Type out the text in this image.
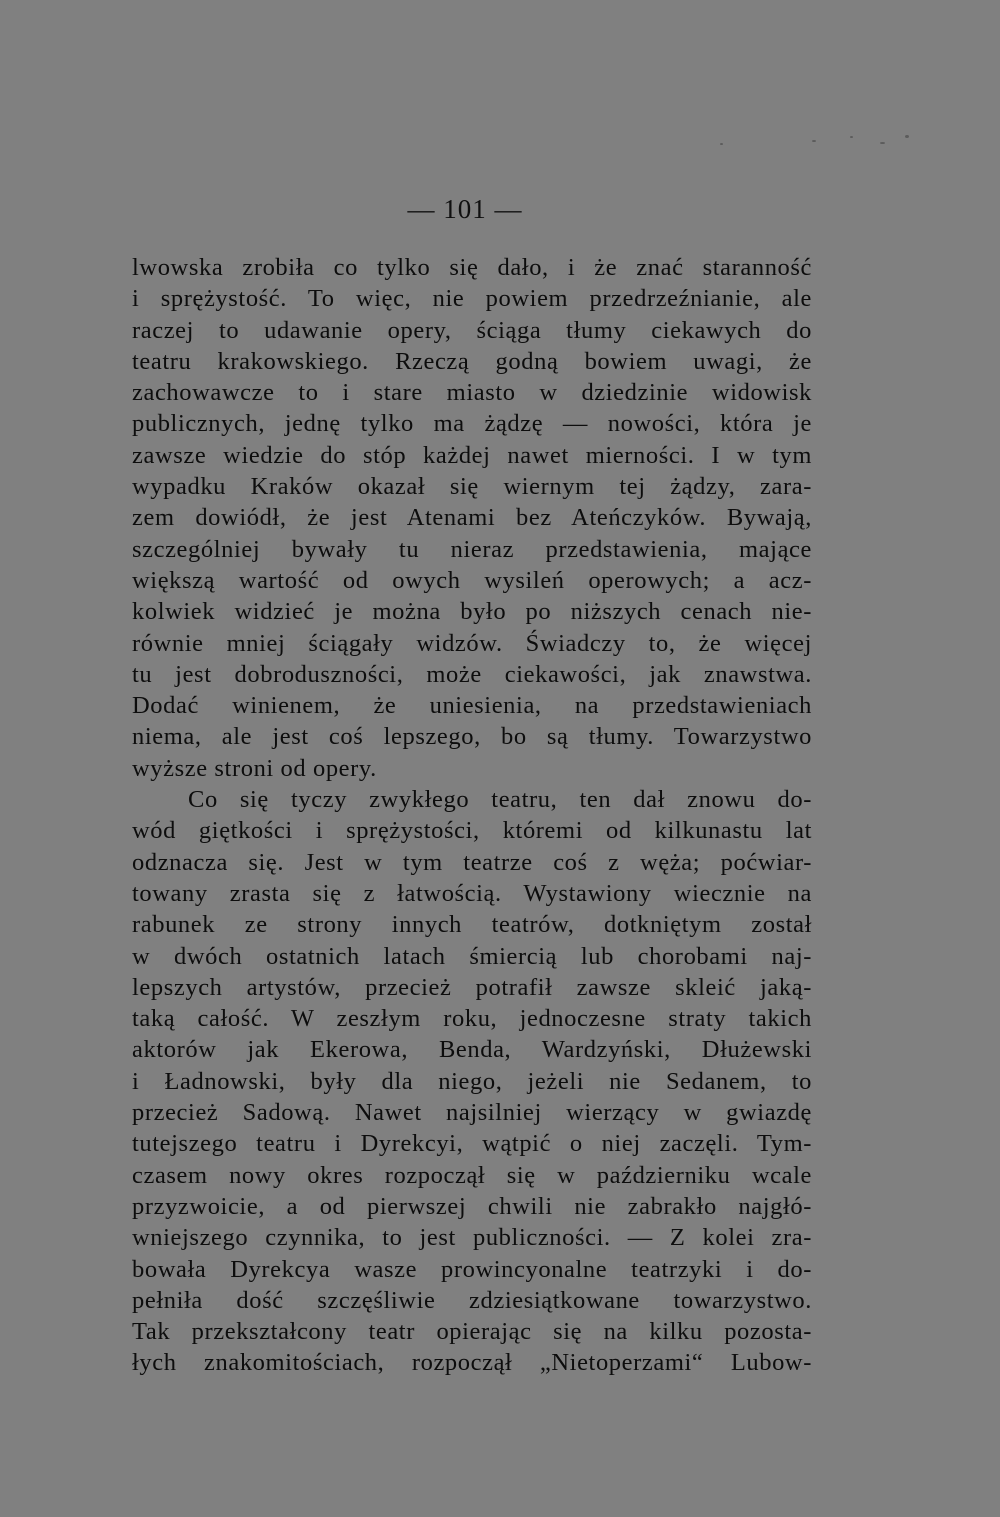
— 101 —
lwowska zrobiła co tylko się dało, i że znać staranność
i sprężystość. To więc, nie powiem przedrzeźnianie, ale
raczej to udawanie opery, ściąga tłumy ciekawych do
teatru krakowskiego. Rzeczą godną bowiem uwagi, że
zachowawcze to i stare miasto w dziedzinie widowisk
publicznych, jednę tylko ma żądzę — nowości, która je
zawsze wiedzie do stóp każdej nawet mierności. I w tym
wypadku Kraków okazał się wiernym tej żądzy, zara-
zem dowiódł, że jest Atenami bez Ateńczyków. Bywają,
szczególniej bywały tu nieraz przedstawienia, mające
większą wartość od owych wysileń operowych; a acz-
kolwiek widzieć je można było po niższych cenach nie-
równie mniej ściągały widzów. Świadczy to, że więcej
tu jest dobroduszności, może ciekawości, jak znawstwa.
Dodać winienem, że uniesienia, na przedstawieniach
niema, ale jest coś lepszego, bo są tłumy. Towarzystwo
wyższe stroni od opery.
Co się tyczy zwykłego teatru, ten dał znowu do-
wód giętkości i sprężystości, któremi od kilkunastu lat
odznacza się. Jest w tym teatrze coś z węża; poćwiar-
towany zrasta się z łatwością. Wystawiony wiecznie na
rabunek ze strony innych teatrów, dotkniętym został
w dwóch ostatnich latach śmiercią lub chorobami naj-
lepszych artystów, przecież potrafił zawsze skleić jaką-
taką całość. W zeszłym roku, jednoczesne straty takich
aktorów jak Ekerowa, Benda, Wardzyński, Dłużewski
i Ładnowski, były dla niego, jeżeli nie Sedanem, to
przecież Sadową. Nawet najsilniej wierzący w gwiazdę
tutejszego teatru i Dyrekcyi, wątpić o niej zaczęli. Tym-
czasem nowy okres rozpoczął się w październiku wcale
przyzwoicie, a od pierwszej chwili nie zabrakło najgłó-
wniejszego czynnika, to jest publiczności. — Z kolei zra-
bowała Dyrekcya wasze prowincyonalne teatrzyki i do-
pełniła dość szczęśliwie zdziesiątkowane towarzystwo.
Tak przekształcony teatr opierając się na kilku pozosta-
łych znakomitościach, rozpoczął „Nietoperzami“ Lubow-
